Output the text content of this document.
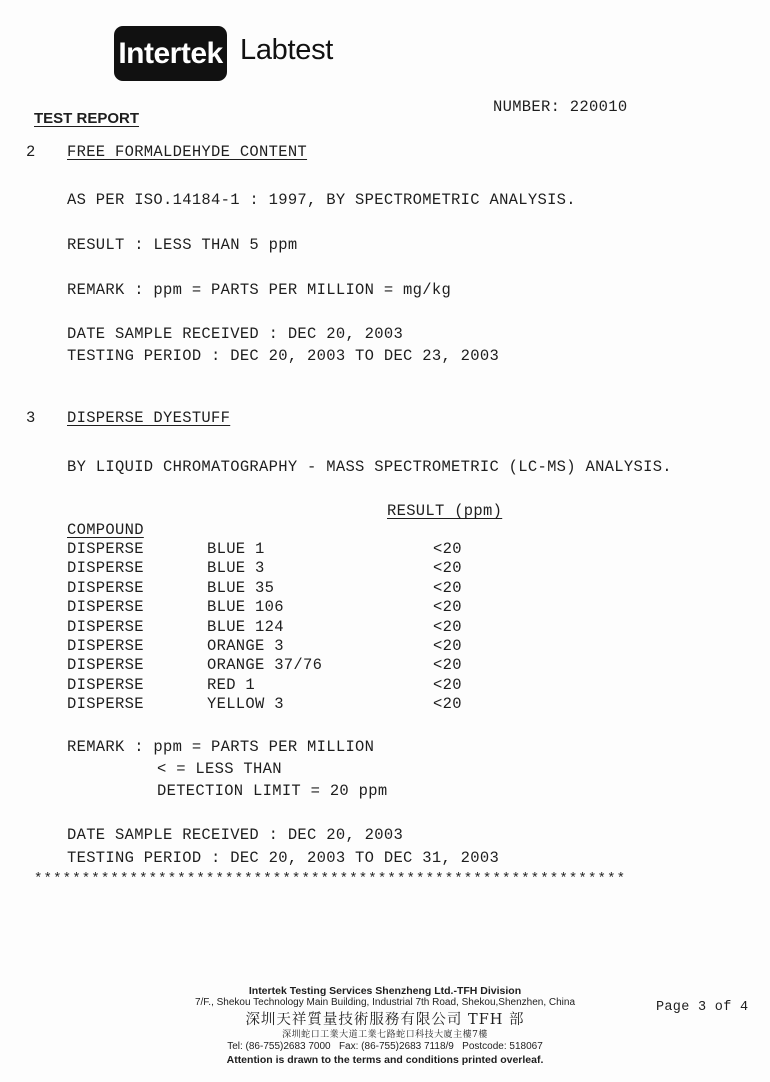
Intertek Labtest
NUMBER: 220010
TEST REPORT
2 FREE FORMALDEHYDE CONTENT
AS PER ISO.14184-1 : 1997, BY SPECTROMETRIC ANALYSIS.
RESULT : LESS THAN 5 ppm
REMARK : ppm = PARTS PER MILLION = mg/kg
DATE SAMPLE RECEIVED : DEC 20, 2003
TESTING PERIOD : DEC 20, 2003 TO DEC 23, 2003
3 DISPERSE DYESTUFF
BY LIQUID CHROMATOGRAPHY - MASS SPECTROMETRIC (LC-MS) ANALYSIS.
RESULT (ppm)
COMPOUND
DISPERSE	BLUE 1	<20
DISPERSE	BLUE 3	<20
DISPERSE	BLUE 35	<20
DISPERSE	BLUE 106	<20
DISPERSE	BLUE 124	<20
DISPERSE	ORANGE 3	<20
DISPERSE	ORANGE 37/76	<20
DISPERSE	RED 1	<20
DISPERSE	YELLOW 3	<20
REMARK : ppm = PARTS PER MILLION
< = LESS THAN
DETECTION LIMIT = 20 ppm
DATE SAMPLE RECEIVED : DEC 20, 2003
TESTING PERIOD : DEC 20, 2003 TO DEC 31, 2003
**************************************************************
Intertek Testing Services Shenzheng Ltd.-TFH Division
7/F., Shekou Technology Main Building, Industrial 7th Road, Shekou,Shenzhen, China
深圳天祥質量技術服務有限公司 TFH 部
深圳蛇口工業大道工業七路蛇口科技大廈主樓7樓
Tel: (86-755)2683 7000   Fax: (86-755)2683 7118/9   Postcode: 518067
Attention is drawn to the terms and conditions printed overleaf.
Page 3 of 4
